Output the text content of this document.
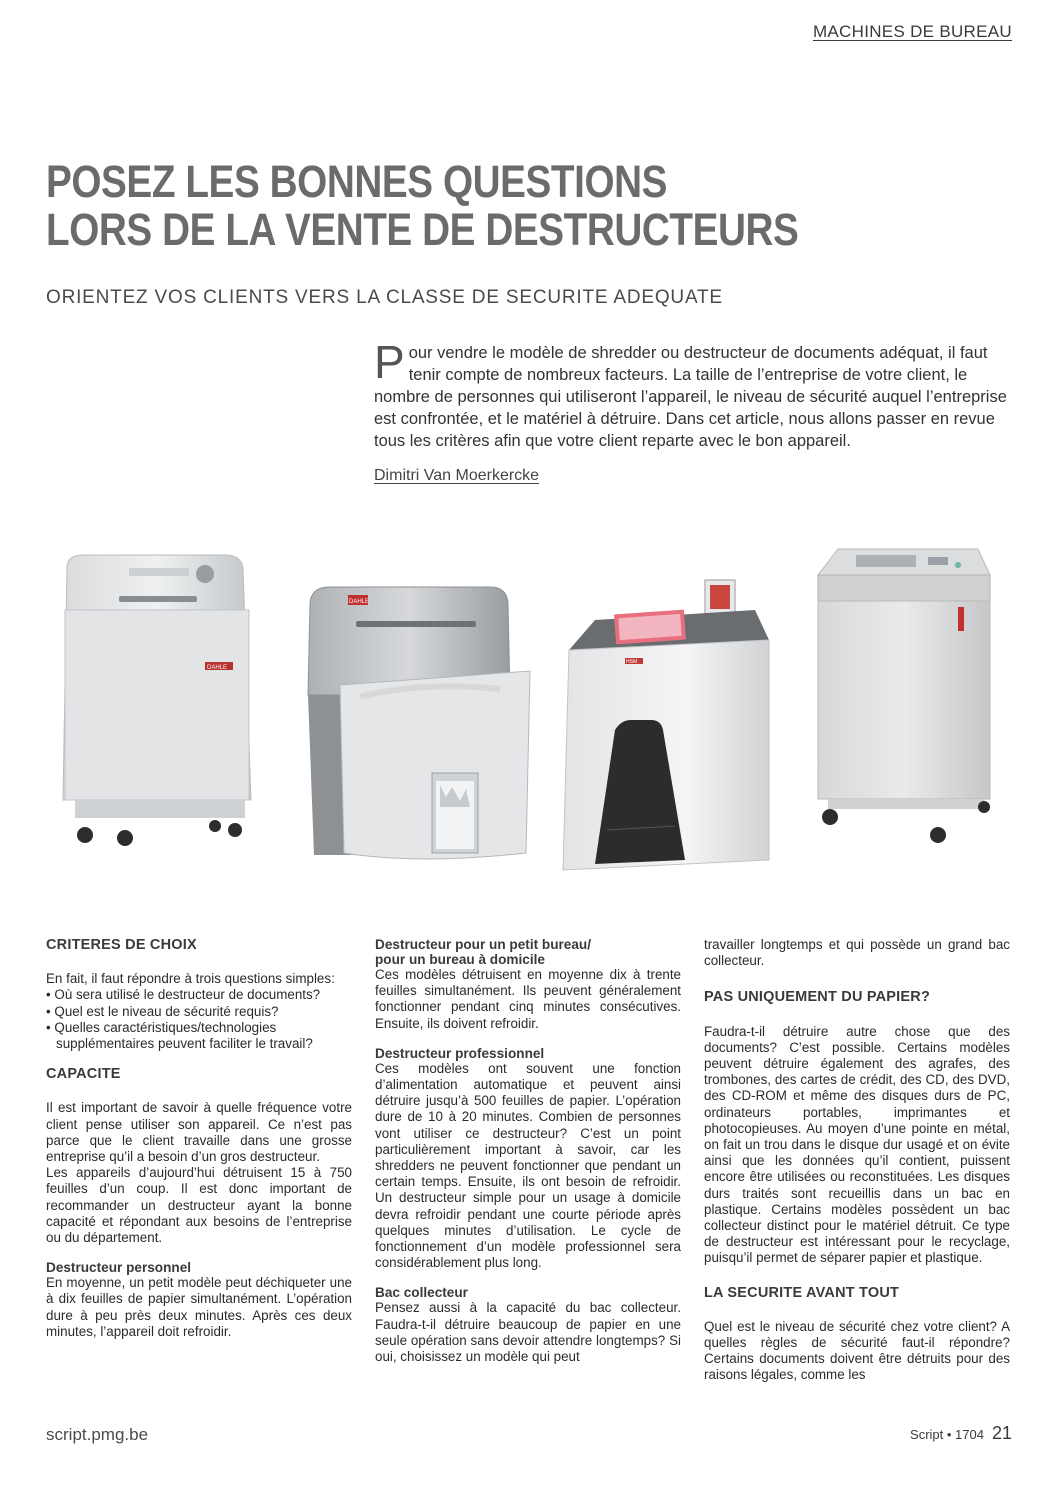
MACHINES DE BUREAU
POSEZ LES BONNES QUESTIONS
LORS DE LA VENTE DE DESTRUCTEURS
ORIENTEZ VOS CLIENTS VERS LA CLASSE DE SECURITE ADEQUATE
Pour vendre le modèle de shredder ou destructeur de documents adéquat, il faut tenir compte de nombreux facteurs. La taille de l’entreprise de votre client, le nombre de personnes qui utiliseront l’appareil, le niveau de sécurité auquel l’entreprise est confrontée, et le matériel à détruire. Dans cet article, nous allons passer en revue tous les critères afin que votre client reparte avec le bon appareil.
Dimitri Van Moerkercke
DAHLE
DAHLE
HSM
CRITERES DE CHOIX

En fait, il faut répondre à trois questions simples:

• Où sera utilisé le destructeur de documents?
• Quel est le niveau de sécurité requis?
• Quelles caractéristiques/technologies supplémentaires peuvent faciliter le travail?
CAPACITE

Il est important de savoir à quelle fréquence votre client pense utiliser son appareil. Ce n’est pas parce que le client travaille dans une grosse entreprise qu’il a besoin d’un gros destructeur.

Les appareils d’aujourd’hui détruisent 15 à 750 feuilles d’un coup. Il est donc important de recommander un destructeur ayant la bonne capacité et répondant aux besoins de l’entreprise ou du département.

Destructeur personnel

En moyenne, un petit modèle peut déchiqueter une à dix feuilles de papier simultanément. L’opération dure à peu près deux minutes. Après ces deux minutes, l’appareil doit refroidir.

Destructeur pour un petit bureau/
pour un bureau à domicile

Ces modèles détruisent en moyenne dix à trente feuilles simultanément. Ils peuvent généralement fonctionner pendant cinq minutes consécutives. Ensuite, ils doivent refroidir.

Destructeur professionnel

Ces modèles ont souvent une fonction d’alimentation automatique et peuvent ainsi détruire jusqu’à 500 feuilles de papier. L’opération dure de 10 à 20 minutes. Combien de personnes vont utiliser ce destructeur? C’est un point particulièrement important à savoir, car les shredders ne peuvent fonctionner que pendant un certain temps. Ensuite, ils ont besoin de refroidir. Un destructeur simple pour un usage à domicile devra refroidir pendant une courte période après quelques minutes d’utilisation. Le cycle de fonctionnement d’un modèle professionnel sera considérablement plus long.

Bac collecteur

Pensez aussi à la capacité du bac collecteur. Faudra-t-il détruire beaucoup de papier en une seule opération sans devoir attendre longtemps? Si oui, choisissez un modèle qui peut

travailler longtemps et qui possède un grand bac collecteur.

PAS UNIQUEMENT DU PAPIER?

Faudra-t-il détruire autre chose que des documents? C’est possible. Certains modèles peuvent détruire également des agrafes, des trombones, des cartes de crédit, des CD, des DVD, des CD-ROM et même des disques durs de PC, ordinateurs portables, imprimantes et photocopieuses. Au moyen d’une pointe en métal, on fait un trou dans le disque dur usagé et on évite ainsi que les données qu’il contient, puissent encore être utilisées ou reconstituées. Les disques durs traités sont recueillis dans un bac en plastique. Certains modèles possèdent un bac collecteur distinct pour le matériel détruit. Ce type de destructeur est intéressant pour le recyclage, puisqu’il permet de séparer papier et plastique.

LA SECURITE AVANT TOUT

Quel est le niveau de sécurité chez votre client? A quelles règles de sécurité faut-il répondre? Certains documents doivent être détruits pour des raisons légales, comme les

script.pmg.be	Script • 1704 21
